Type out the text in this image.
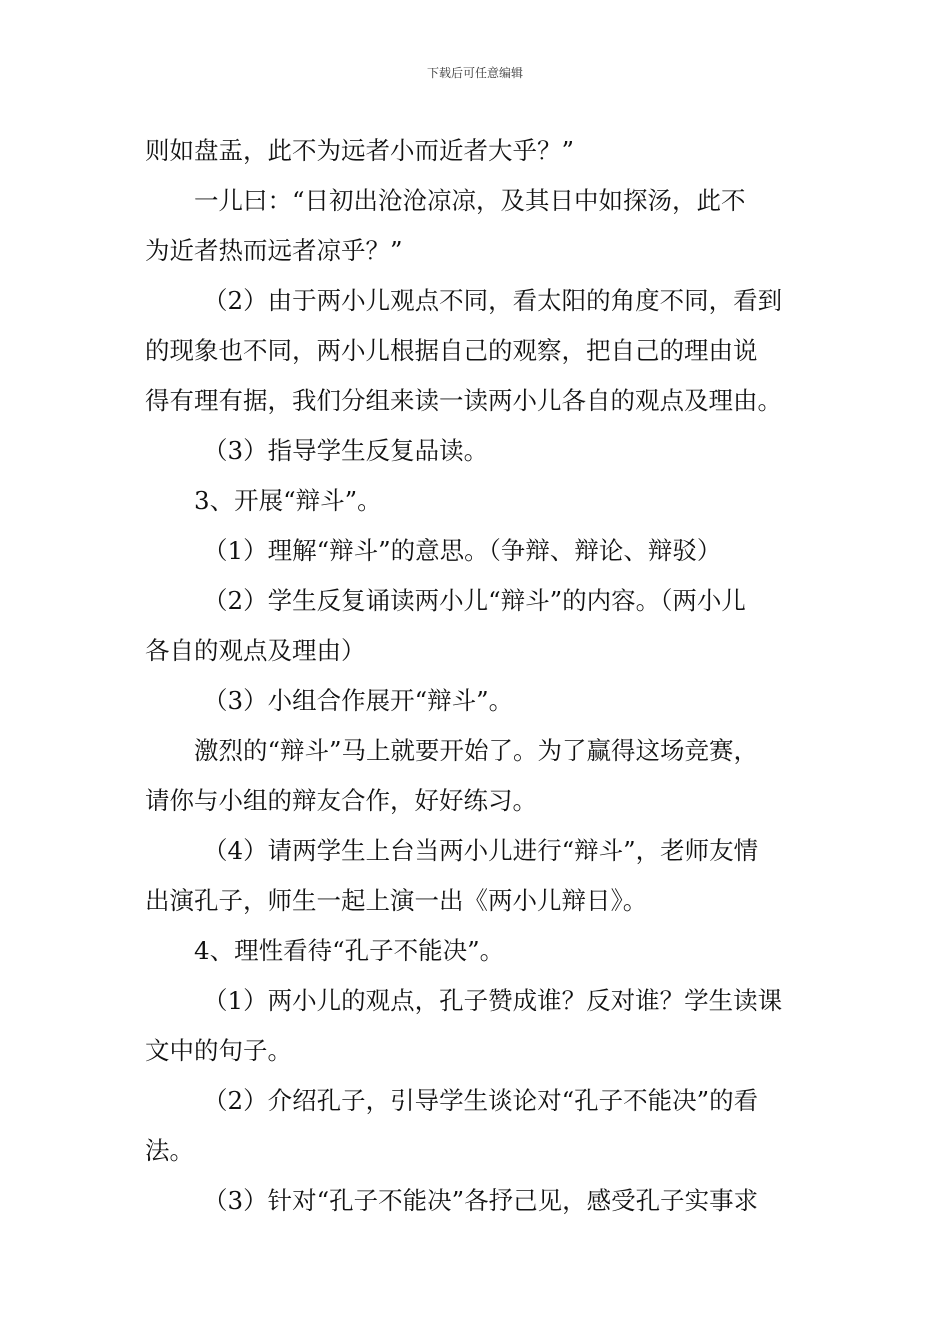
下载后可任意编辑
则如盘盂，此不为远者小而近者大乎？”
一儿曰：“日初出沧沧凉凉，及其日中如探汤，此不
为近者热而远者凉乎？”
（2）由于两小儿观点不同，看太阳的角度不同，看到
的现象也不同，两小儿根据自己的观察，把自己的理由说
得有理有据，我们分组来读一读两小儿各自的观点及理由。
（3）指导学生反复品读。
3、开展“辩斗”。
（1）理解“辩斗”的意思。（争辩、辩论、辩驳）
（2）学生反复诵读两小儿“辩斗”的内容。（两小儿
各自的观点及理由）
（3）小组合作展开“辩斗”。
激烈的“辩斗”马上就要开始了。为了赢得这场竞赛，
请你与小组的辩友合作，好好练习。
（4）请两学生上台当两小儿进行“辩斗”，老师友情
出演孔子，师生一起上演一出《两小儿辩日》。
4、理性看待“孔子不能决”。
（1）两小儿的观点，孔子赞成谁？反对谁？学生读课
文中的句子。
（2）介绍孔子，引导学生谈论对“孔子不能决”的看
法。
（3）针对“孔子不能决”各抒己见，感受孔子实事求
